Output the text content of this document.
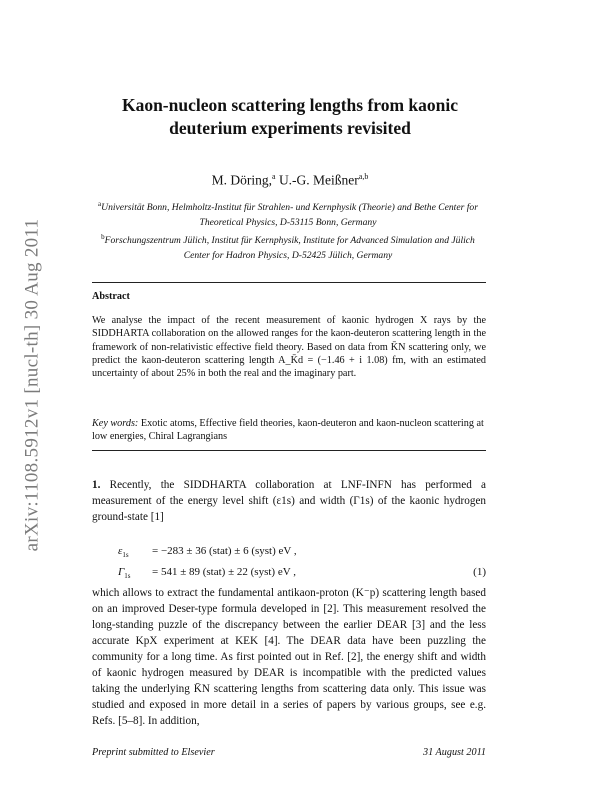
arXiv:1108.5912v1 [nucl-th] 30 Aug 2011
Kaon-nucleon scattering lengths from kaonic
deuterium experiments revisited
M. Döring,$^a$ U.-G. Meißner$^{a,b}$
$^a$Universität Bonn, Helmholtz-Institut für Strahlen- und Kernphysik (Theorie) and Bethe Center for Theoretical Physics, D-53115 Bonn, Germany
$^b$Forschungszentrum Jülich, Institut für Kernphysik, Institute for Advanced Simulation and Jülich Center for Hadron Physics, D-52425 Jülich, Germany
Abstract
We analyse the impact of the recent measurement of kaonic hydrogen X rays by the SIDDHARTA collaboration on the allowed ranges for the kaon-deuteron scattering length in the framework of non-relativistic effective field theory. Based on data from K̄N scattering only, we predict the kaon-deuteron scattering length A_K̄d = (−1.46 + i 1.08) fm, with an estimated uncertainty of about 25% in both the real and the imaginary part.
Key words: Exotic atoms, Effective field theories, kaon-deuteron and kaon-nucleon scattering at low energies, Chiral Lagrangians
1. Recently, the SIDDHARTA collaboration at LNF-INFN has performed a measurement of the energy level shift (ε1s) and width (Γ1s) of the kaonic hydrogen ground-state [1]
$\varepsilon_{1s} = -283 \pm 36$ (stat) ± 6 (syst) eV ,
$\Gamma_{1s} = 541 \pm 89$ (stat) ± 22 (syst) eV ,	(1)
which allows to extract the fundamental antikaon-proton (K⁻p) scattering length based on an improved Deser-type formula developed in [2]. This measurement resolved the long-standing puzzle of the discrepancy between the earlier DEAR [3] and the less accurate KpX experiment at KEK [4]. The DEAR data have been puzzling the community for a long time. As first pointed out in Ref. [2], the energy shift and width of kaonic hydrogen measured by DEAR is incompatible with the predicted values taking the underlying K̄N scattering lengths from scattering data only. This issue was studied and exposed in more detail in a series of papers by various groups, see e.g. Refs. [5–8]. In addition,
Preprint submitted to Elsevier	31 August 2011
